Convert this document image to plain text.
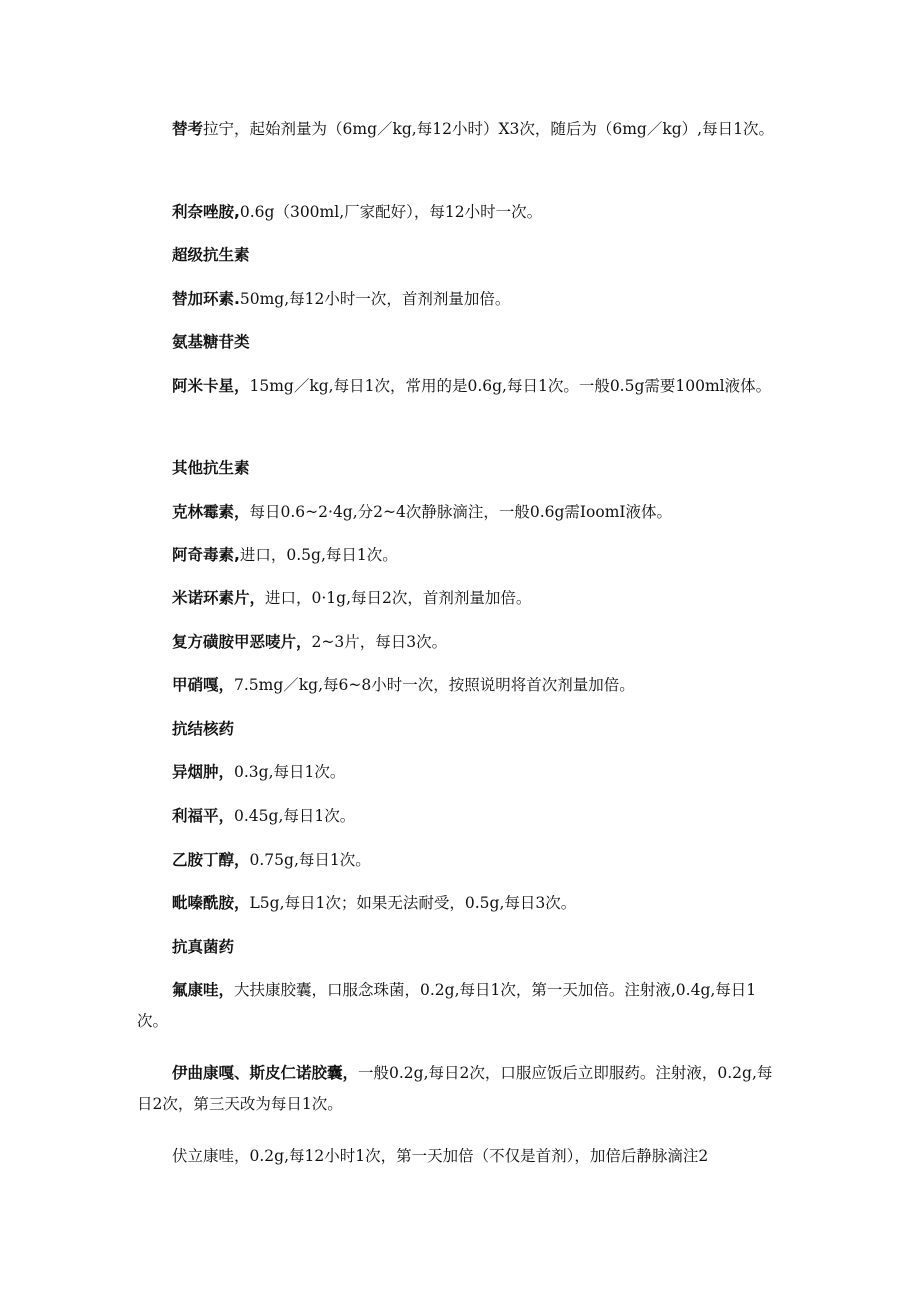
替考拉宁，起始剂量为（6mg／kg,每12小时）X3次，随后为（6mg／kg）,每日1次。

利奈唑胺,0.6g（300ml,厂家配好），每12小时一次。

超级抗生素

替加环素.50mg,每12小时一次，首剂剂量加倍。

氨基糖苷类

阿米卡星，15mg／kg,每日1次，常用的是0.6g,每日1次。一般0.5g需要100ml液体。

其他抗生素

克林霉素，每日0.6~2·4g,分2~4次静脉滴注，一般0.6g需IoomI液体。

阿奇毒素,进口，0.5g,每日1次。

米诺环素片，进口，0·1g,每日2次，首剂剂量加倍。

复方磺胺甲恶唛片，2~3片，每日3次。

甲硝嘎，7.5mg／kg,每6~8小时一次，按照说明将首次剂量加倍。

抗结核药

异烟肿，0.3g,每日1次。

利福平，0.45g,每日1次。

乙胺丁醇，0.75g,每日1次。

毗嗪酰胺，L5g,每日1次；如果无法耐受，0.5g,每日3次。

抗真菌药

氟康哇，大扶康胶囊，口服念珠菌，0.2g,每日1次，第一天加倍。注射液,0.4g,每日1次。

伊曲康嘎、斯皮仁诺胶囊，一般0.2g,每日2次，口服应饭后立即服药。注射液，0.2g,每日2次，第三天改为每日1次。

伏立康哇，0.2g,每12小时1次，第一天加倍（不仅是首剂），加倍后静脉滴注2
